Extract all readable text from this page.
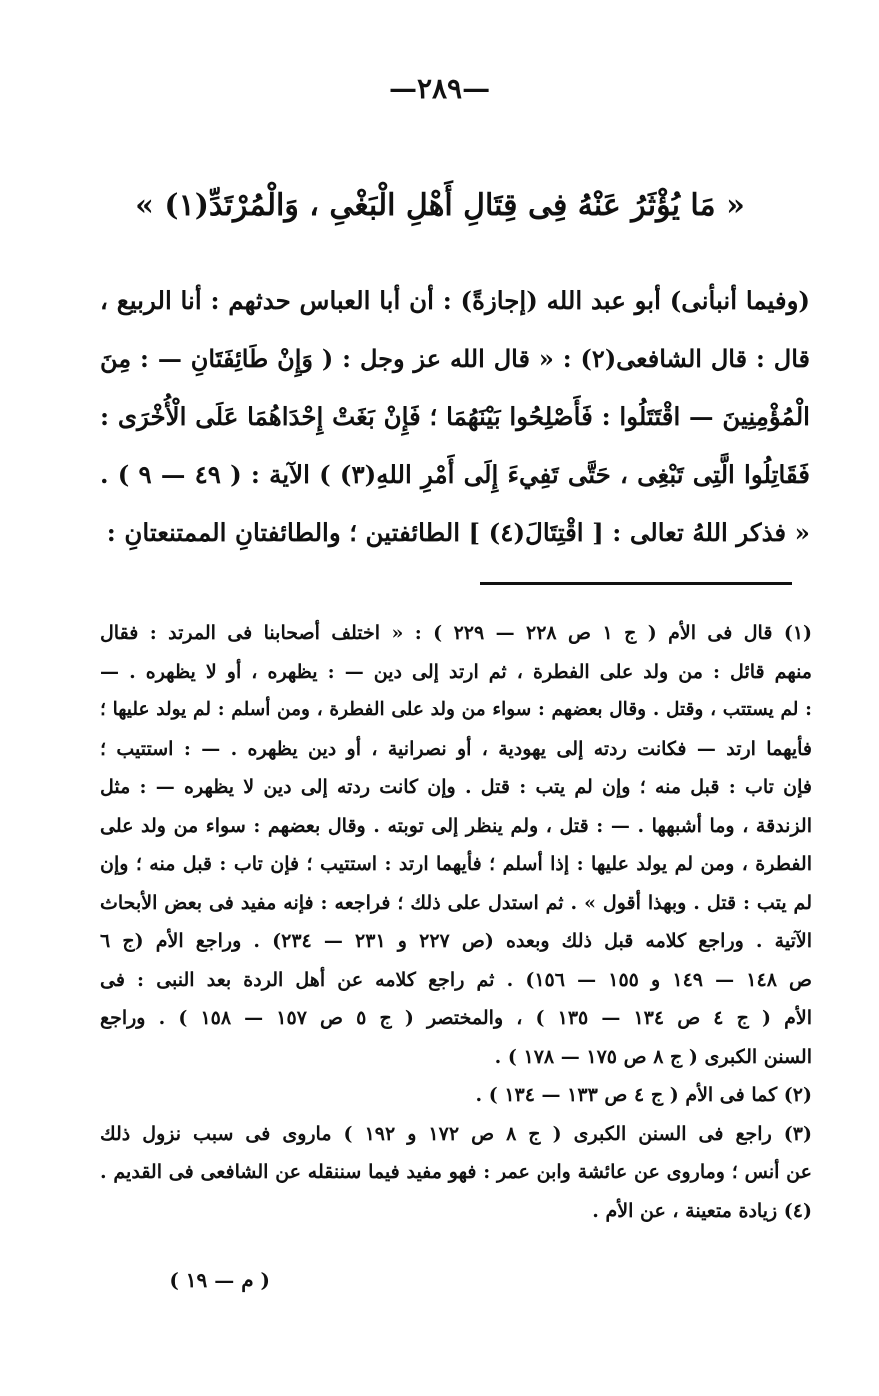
—٢٨٩—
« مَا يُؤْثَرُ عَنْهُ فِى قِتَالِ أَهْلِ الْبَغْىِ ، وَالْمُرْتَدِّ(١) »
(وفيما أنبأنى) أبو عبد الله (إجازةً) : أن أبا العباس حدثهم : أنا الربيع ،
قال : قال الشافعى(٢) : « قال الله عز وجل : ( وَإِنْ طَائِفَتَانِ — : مِنَ
الْمُؤْمِنِينَ — اقْتَتَلُوا : فَأَصْلِحُوا بَيْنَهُمَا ؛ فَإِنْ بَغَتْ إِحْدَاهُمَا عَلَى الْأُخْرَى :
فَقَاتِلُوا الَّتِى تَبْغِى ، حَتَّى تَفِيءَ إِلَى أَمْرِ اللهِ(٣) ) الآية : ( ٤٩ — ٩ ) .
« فذكر اللهُ تعالى : [ اقْتِتَالَ(٤) ] الطائفتين ؛ والطائفتانِ الممتنعتانِ :
(١) قال فى الأم ( ج ١ ص ٢٢٨ — ٢٢٩ ) : « اختلف أصحابنا فى المرتد : فقال
منهم قائل : من ولد على الفطرة ، ثم ارتد إلى دين — : يظهره ، أو لا يظهره . —
: لم يستتب ، وقتل . وقال بعضهم : سواء من ولد على الفطرة ، ومن أسلم : لم يولد عليها ؛
فأيهما ارتد — فكانت ردته إلى يهودية ، أو نصرانية ، أو دين يظهره . — : استتيب ؛
فإن تاب : قبل منه ؛ وإن لم يتب : قتل . وإن كانت ردته إلى دين لا يظهره — : مثل
الزندقة ، وما أشبهها . — : قتل ، ولم ينظر إلى توبته . وقال بعضهم : سواء من ولد على
الفطرة ، ومن لم يولد عليها : إذا أسلم ؛ فأيهما ارتد : استتيب ؛ فإن تاب : قبل منه ؛ وإن
لم يتب : قتل . وبهذا أقول » . ثم استدل على ذلك ؛ فراجعه : فإنه مفيد فى بعض الأبحاث
الآتية . وراجع كلامه قبل ذلك وبعده (ص ٢٢٧ و ٢٣١ — ٢٣٤) . وراجع الأم (ج ٦
ص ١٤٨ — ١٤٩ و ١٥٥ — ١٥٦) . ثم راجع كلامه عن أهل الردة بعد النبى : فى
الأم ( ج ٤ ص ١٣٤ — ١٣٥ ) ، والمختصر ( ج ٥ ص ١٥٧ — ١٥٨ ) . وراجع
السنن الكبرى ( ج ٨ ص ١٧٥ — ١٧٨ ) .
(٢) كما فى الأم ( ج ٤ ص ١٣٣ — ١٣٤ ) .
(٣) راجع فى السنن الكبرى ( ج ٨ ص ١٧٢ و ١٩٢ ) ماروى فى سبب نزول ذلك
عن أنس ؛ وماروى عن عائشة وابن عمر : فهو مفيد فيما سننقله عن الشافعى فى القديم .
(٤) زيادة متعينة ، عن الأم .
( م — ١٩ )
